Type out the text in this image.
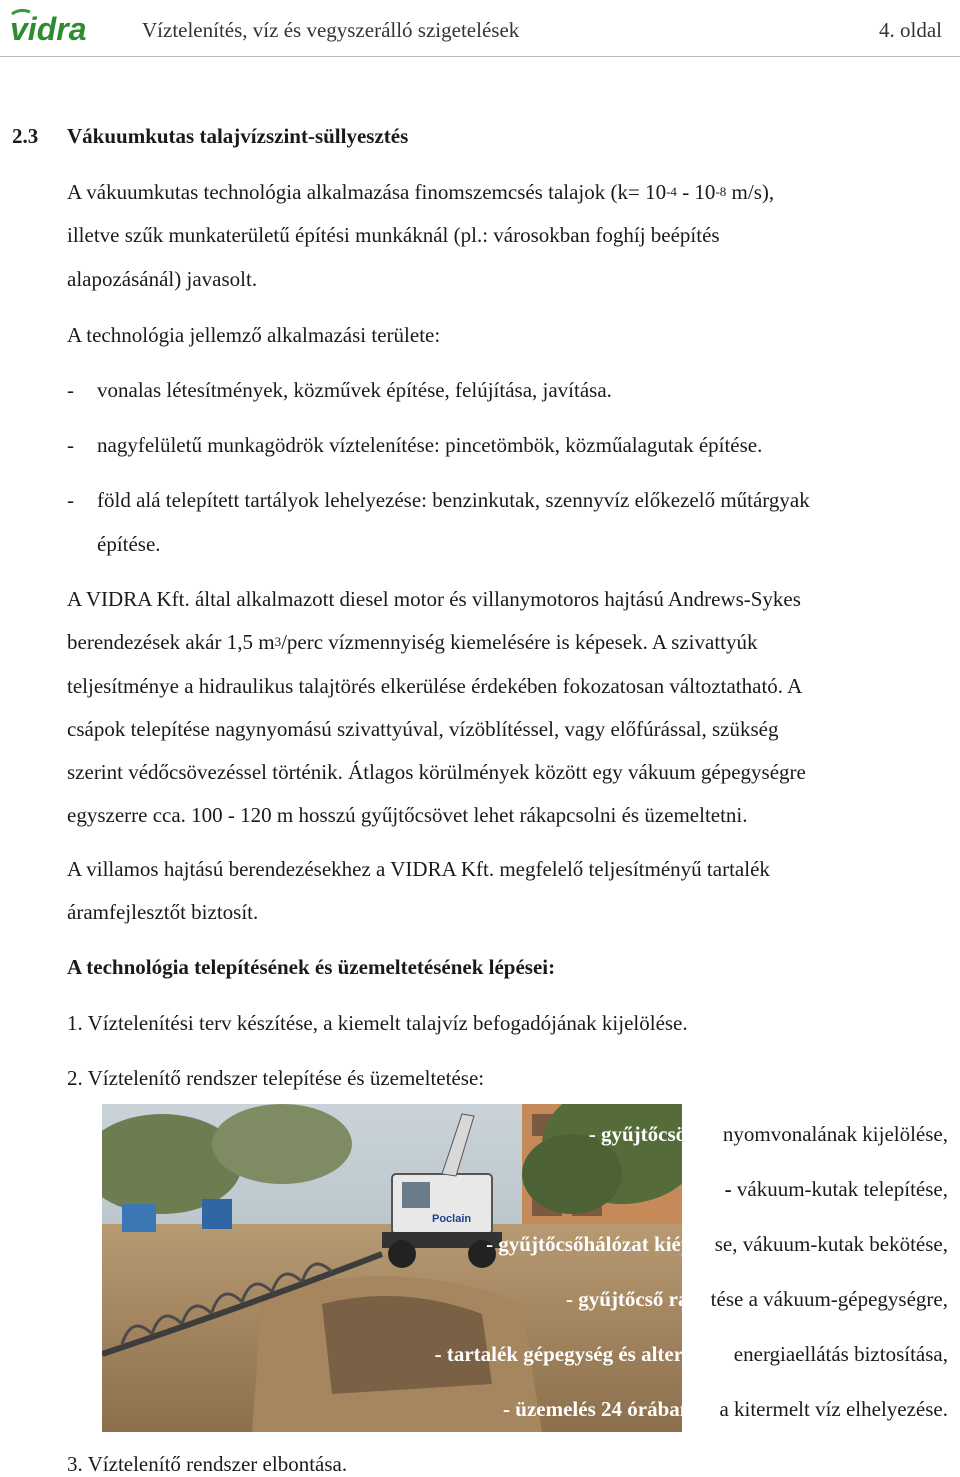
vidra	Víztelenítés, víz és vegyszerálló szigetelések	4. oldal
2.3 Vákuumkutas talajvízszint-süllyesztés
A vákuumkutas technológia alkalmazása finomszemcsés talajok ($k= 10^{-4} - 10^{-8}$ m/s),
illetve szűk munkaterületű építési munkáknál (pl.: városokban foghíj beépítés
alapozásánál) javasolt.
A technológia jellemző alkalmazási területe:
- vonalas létesítmények, közművek építése, felújítása, javítása.
- nagyfelületű munkagödrök víztelenítése: pincetömbök, közműalagutak építése.
- föld alá telepített tartályok lehelyezése: benzinkutak, szennyvíz előkezelő műtárgyak
építése.
A VIDRA Kft. által alkalmazott diesel motor és villanymotoros hajtású Andrews-Sykes
berendezések akár 1,5 $m^3$/perc vízmennyiség kiemelésére is képesek. A szivattyúk
teljesítménye a hidraulikus talajtörés elkerülése érdekében fokozatosan változtatható. A
csápok telepítése nagynyomású szivattyúval, vízöblítéssel, vagy előfúrással, szükség
szerint védőcsövezéssel történik. Átlagos körülmények között egy vákuum gépegységre
egyszerre cca. 100 - 120 m hosszú gyűjtőcsövet lehet rákapcsolni és üzemeltetni.
A villamos hajtású berendezésekhez a VIDRA Kft. megfelelő teljesítményű tartalék
áramfejlesztőt biztosít.
A technológia telepítésének és üzemeltetésének lépései:
1. Víztelenítési terv készítése, a kiemelt talajvíz befogadójának kijelölése.
2. Víztelenítő rendszer telepítése és üzemeltetése:
Poclain
- gyűjtőcsövek nyomvonalának kijelölése,
- vákuum-kutak telepítése,
- gyűjtőcsőhálózat kiépítése, vákuum-kutak bekötése,
- gyűjtőcső rákötése a vákuum-gépegységre,
- tartalék gépegység és alternatív energiaellátás biztosítása,
- üzemelés 24 órában és a kitermelt víz elhelyezése.
3. Víztelenítő rendszer elbontása.
